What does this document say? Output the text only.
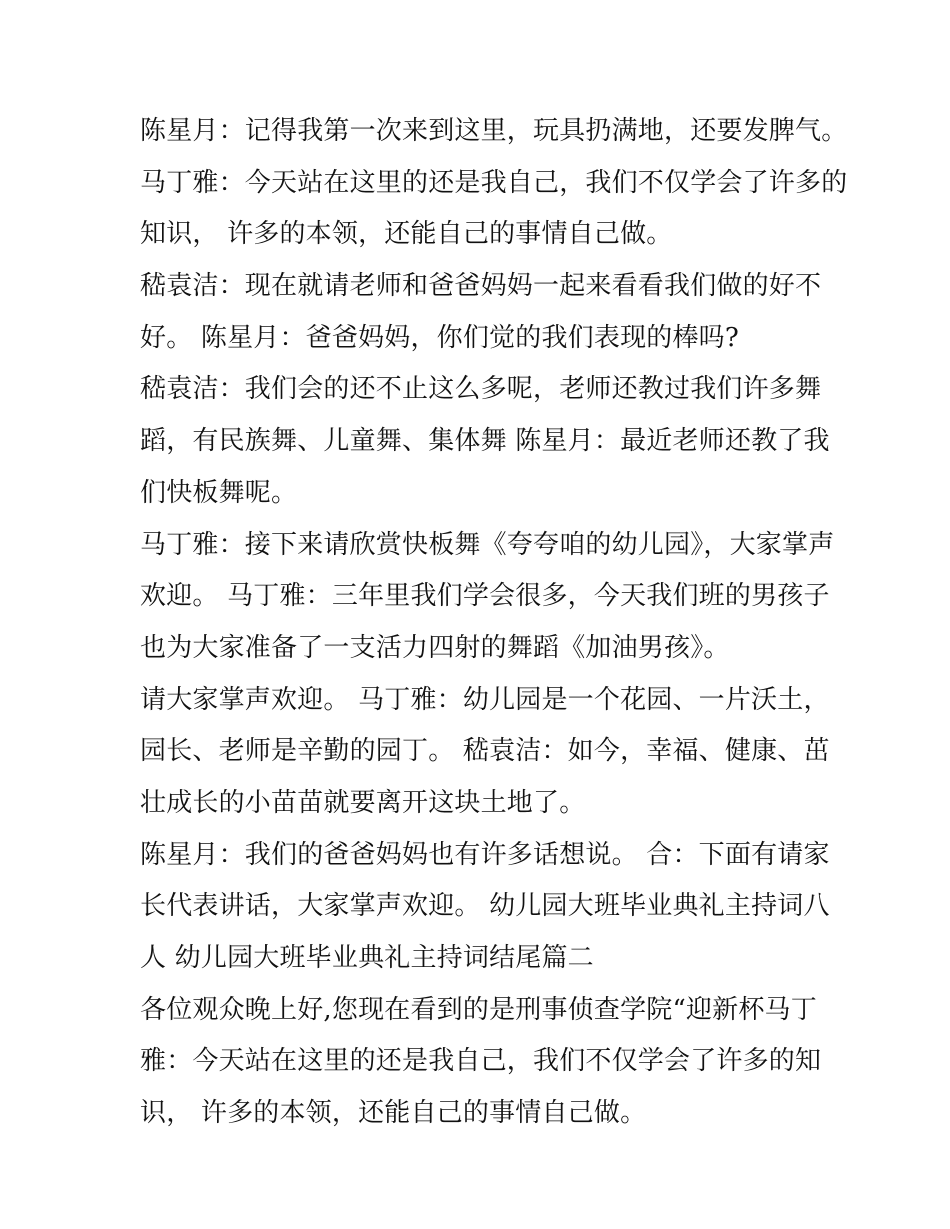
陈星月：记得我第一次来到这里，玩具扔满地，还要发脾气。
马丁雅：今天站在这里的还是我自己，我们不仅学会了许多的
知识， 许多的本领，还能自己的事情自己做。
嵇袁洁：现在就请老师和爸爸妈妈一起来看看我们做的好不
好。 陈星月：爸爸妈妈，你们觉的我们表现的棒吗?
嵇袁洁：我们会的还不止这么多呢，老师还教过我们许多舞
蹈，有民族舞、儿童舞、集体舞 陈星月：最近老师还教了我
们快板舞呢。
马丁雅：接下来请欣赏快板舞《夸夸咱的幼儿园》，大家掌声
欢迎。 马丁雅：三年里我们学会很多，今天我们班的男孩子
也为大家准备了一支活力四射的舞蹈《加油男孩》。
请大家掌声欢迎。 马丁雅：幼儿园是一个花园、一片沃土，
园长、老师是辛勤的园丁。 嵇袁洁：如今，幸福、健康、茁
壮成长的小苗苗就要离开这块土地了。
陈星月：我们的爸爸妈妈也有许多话想说。 合：下面有请家
长代表讲话，大家掌声欢迎。 幼儿园大班毕业典礼主持词八
人 幼儿园大班毕业典礼主持词结尾篇二
各位观众晚上好,您现在看到的是刑事侦查学院“迎新杯马丁
雅：今天站在这里的还是我自己，我们不仅学会了许多的知
识， 许多的本领，还能自己的事情自己做。
